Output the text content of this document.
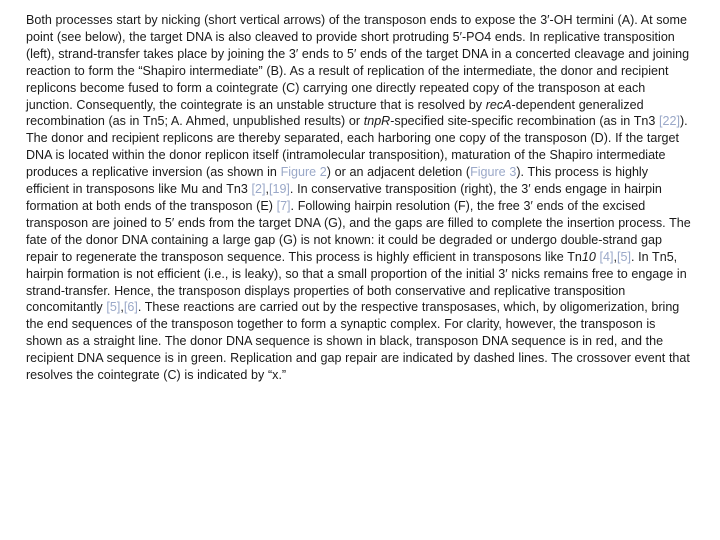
Both processes start by nicking (short vertical arrows) of the transposon ends to expose the 3′-OH termini (A). At some point (see below), the target DNA is also cleaved to provide short protruding 5′-PO4 ends. In replicative transposition (left), strand-transfer takes place by joining the 3′ ends to 5′ ends of the target DNA in a concerted cleavage and joining reaction to form the “Shapiro intermediate” (B). As a result of replication of the intermediate, the donor and recipient replicons become fused to form a cointegrate (C) carrying one directly repeated copy of the transposon at each junction. Consequently, the cointegrate is an unstable structure that is resolved by recA-dependent generalized recombination (as in Tn5; A. Ahmed, unpublished results) or tnpR-specified site-specific recombination (as in Tn3 [22]). The donor and recipient replicons are thereby separated, each harboring one copy of the transposon (D). If the target DNA is located within the donor replicon itself (intramolecular transposition), maturation of the Shapiro intermediate produces a replicative inversion (as shown in Figure 2) or an adjacent deletion (Figure 3). This process is highly efficient in transposons like Mu and Tn3 [2],[19]. In conservative transposition (right), the 3′ ends engage in hairpin formation at both ends of the transposon (E) [7]. Following hairpin resolution (F), the free 3′ ends of the excised transposon are joined to 5′ ends from the target DNA (G), and the gaps are filled to complete the insertion process. The fate of the donor DNA containing a large gap (G) is not known: it could be degraded or undergo double-strand gap repair to regenerate the transposon sequence. This process is highly efficient in transposons like Tn10 [4],[5]. In Tn5, hairpin formation is not efficient (i.e., is leaky), so that a small proportion of the initial 3′ nicks remains free to engage in strand-transfer. Hence, the transposon displays properties of both conservative and replicative transposition concomitantly [5],[6]. These reactions are carried out by the respective transposases, which, by oligomerization, bring the end sequences of the transposon together to form a synaptic complex. For clarity, however, the transposon is shown as a straight line. The donor DNA sequence is shown in black, transposon DNA sequence is in red, and the recipient DNA sequence is in green. Replication and gap repair are indicated by dashed lines. The crossover event that resolves the cointegrate (C) is indicated by “x.”
